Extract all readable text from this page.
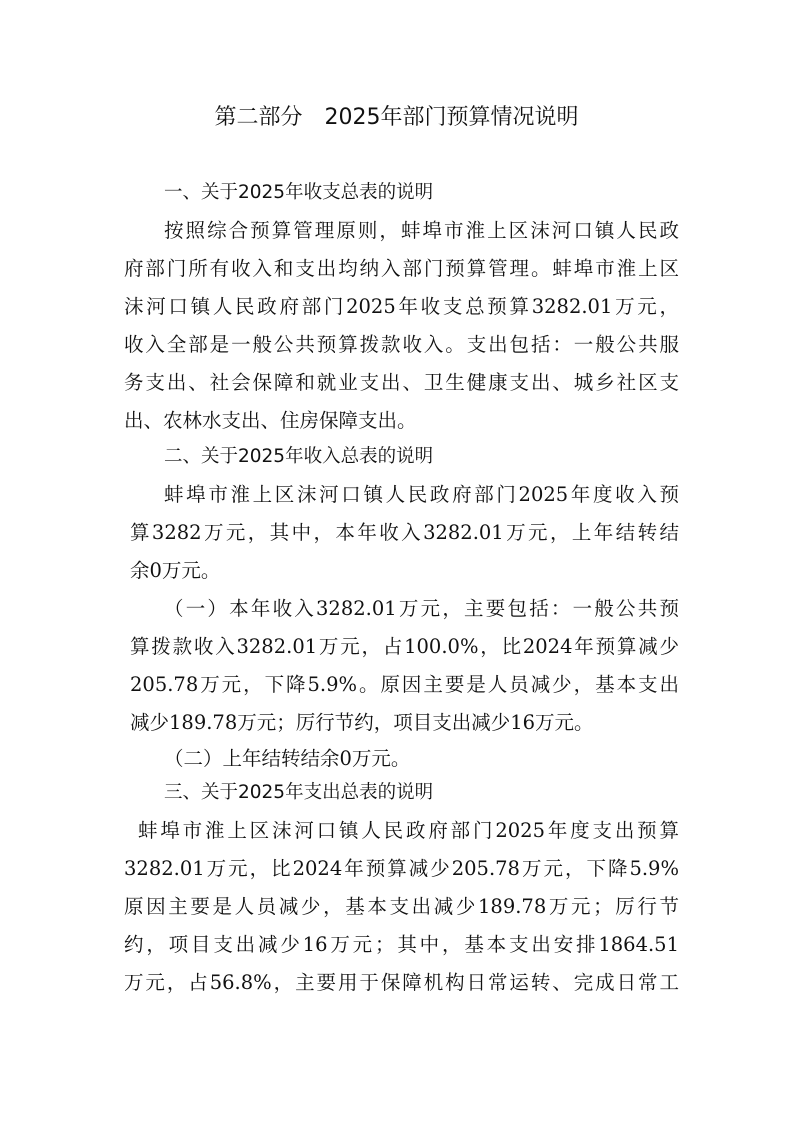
第二部分　2025年部门预算情况说明
一、关于2025年收支总表的说明
按照综合预算管理原则，蚌埠市淮上区沫河口镇人民政
府部门所有收入和支出均纳入部门预算管理。蚌埠市淮上区
沫河口镇人民政府部门2025年收支总预算3282.01万元，
收入全部是一般公共预算拨款收入。支出包括：一般公共服
务支出、社会保障和就业支出、卫生健康支出、城乡社区支
出、农林水支出、住房保障支出。
二、关于2025年收入总表的说明
蚌埠市淮上区沫河口镇人民政府部门2025年度收入预
算3282万元，其中，本年收入3282.01万元，上年结转结
余0万元。
（一）本年收入3282.01万元，主要包括：一般公共预
算拨款收入3282.01万元，占100.0%，比2024年预算减少
205.78万元，下降5.9%。原因主要是人员减少，基本支出
减少189.78万元；厉行节约，项目支出减少16万元。
（二）上年结转结余0万元。
三、关于2025年支出总表的说明
蚌埠市淮上区沫河口镇人民政府部门2025年度支出预算
3282.01万元，比2024年预算减少205.78万元，下降5.9%
原因主要是人员减少，基本支出减少189.78万元；厉行节
约，项目支出减少16万元；其中，基本支出安排1864.51
万元，占56.8%，主要用于保障机构日常运转、完成日常工
